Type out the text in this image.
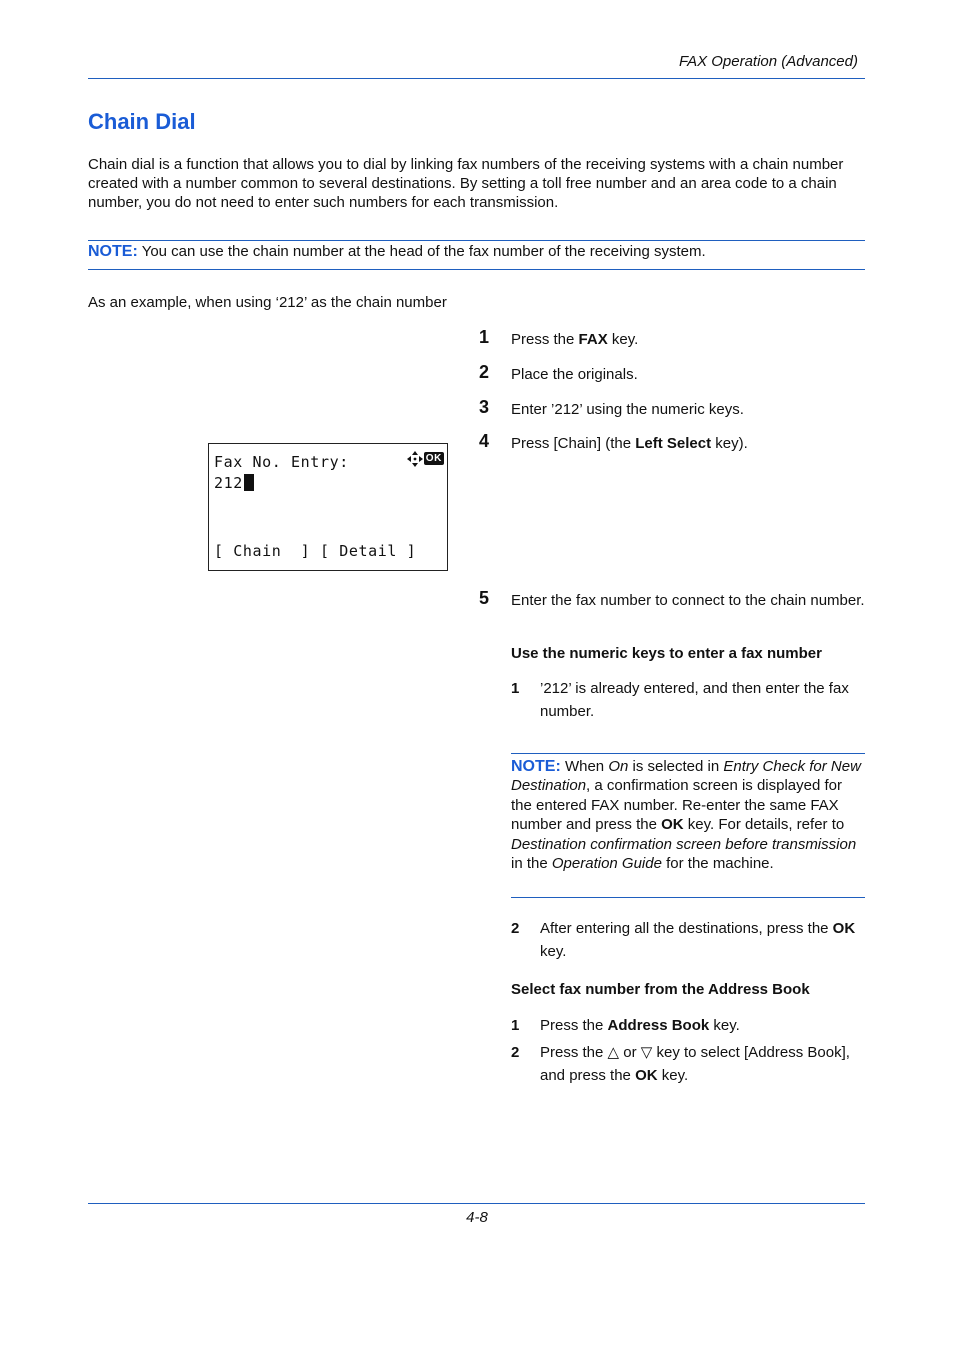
FAX Operation (Advanced)
Chain Dial
Chain dial is a function that allows you to dial by linking fax numbers of the receiving systems with a chain number created with a number common to several destinations. By setting a toll free number and an area code to a chain number, you do not need to enter such numbers for each transmission.
NOTE: You can use the chain number at the head of the fax number of the receiving system.
As an example, when using ‘212’ as the chain number
1 Press the FAX key.
2 Place the originals.
3 Enter ’212’ using the numeric keys.
4 Press [Chain] (the Left Select key).
Fax No. Entry:	OK
212
[ Chain  ] [ Detail ]
5 Enter the fax number to connect to the chain number.
Use the numeric keys to enter a fax number
1 ’212’ is already entered, and then enter the fax number.
NOTE: When On is selected in Entry Check for New Destination, a confirmation screen is displayed for the entered FAX number. Re-enter the same FAX number and press the OK key. For details, refer to Destination confirmation screen before transmission in the Operation Guide for the machine.
2 After entering all the destinations, press the OK key.
Select fax number from the Address Book
1 Press the Address Book key.
2 Press the △ or ▽ key to select [Address Book], and press the OK key.
4-8
